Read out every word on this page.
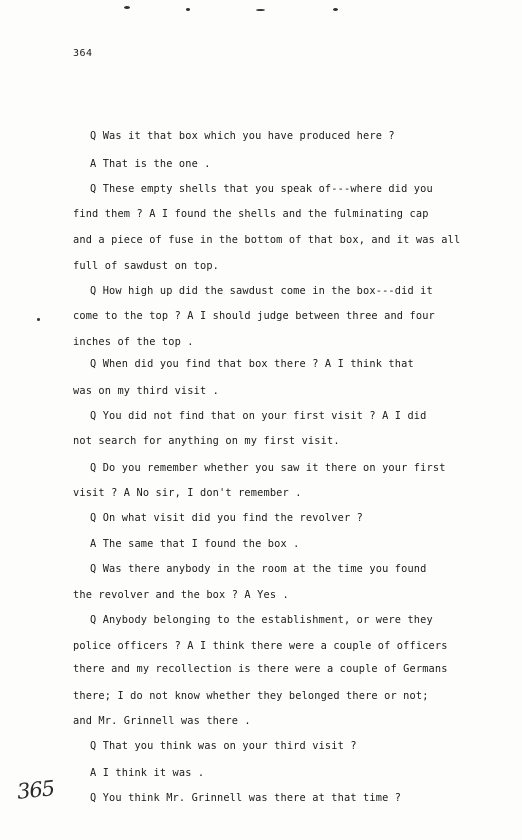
364
Q Was it that box which you have produced here ?
A That is the one .
Q These empty shells that you speak of---where did you
find them ? A I found the shells and the fulminating cap
and a piece of fuse in the bottom of that box, and it was all
full of sawdust on top.
Q How high up did the sawdust come in the box---did it
come to the top ? A I should judge between three and four
inches of the top .
Q When did you find that box there ? A I think that
was on my third visit .
Q You did not find that on your first visit ? A I did
not search for anything on my first visit.
Q Do you remember whether you saw it there on your first
visit ? A No sir, I don't remember .
Q On what visit did you find the revolver ?
A The same that I found the box .
Q Was there anybody in the room at the time you found
the revolver and the box ? A Yes .
Q Anybody belonging to the establishment, or were they
police officers ? A I think there were a couple of officers
there and my recollection is there were a couple of Germans
there; I do not know whether they belonged there or not;
and Mr. Grinnell was there .
Q That you think was on your third visit ?
A I think it was .
Q You think Mr. Grinnell was there at that time ?
365
